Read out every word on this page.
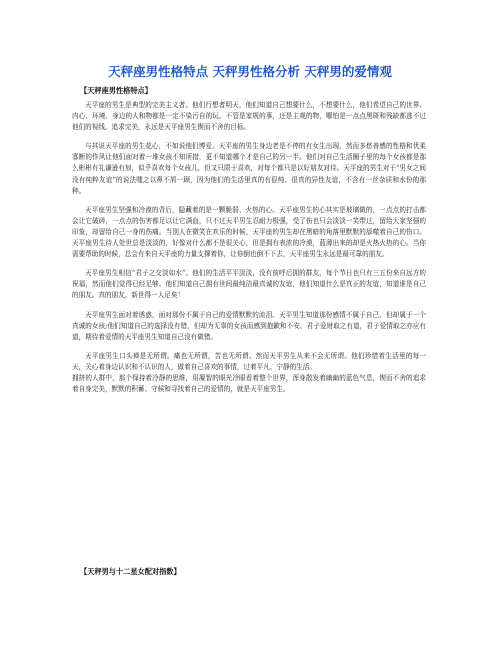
天秤座男性格特点 天秤男性格分析 天秤男的爱情观
【天秤座男性格特点】

天平座的男生是典型的完美主义者。他们行想者明天，他们知道自己想要什么，不想要什么，他们希望自己的世界、内心、环境、身边的人和物都是一定不染污自的玩。不管是家规的事，还是主观的物，哪怕是一点点黑斑和残缺都逃不过他们的视线。追求完美，永远是天平座男生锲而不舍的目标。

与其说天平座的男生花心，不如说他们博爱。天平座的男生身边老是不停的有女生出现，然而多愁善感的性格和优柔寡断的作风让他们面对着一堆女孩不知所措，更不知道哪个才是自己的另一半。他们对自己生活圈子里的每个女孩都是那么彬彬有礼谦逊有加，似乎喜欢每个女孩儿，但又只限于喜欢，对每个都只是以好朋友对待。天平座的男生对于“男女之间没有纯粹友谊”的说法嗤之以鼻不屑一顾，因为他们的生活里真的有很纯、很真的异性友谊，不含有一丝杂质和水份的那种。

天平座男生坚强和冷漠的背后，隐藏着的是一颗脆弱、火热的心。天平座男生的心其实是玻璃做的，一点点的打击都会让它破碎，一点点的伤害都足以让它满血，只不过天平男生忍耐力极强，受了伤也只会淡淡一笑带过，留给大家坚强的印象，却留给自己一身的伤痛。当别人在微笑在欢乐的时候，天平座的男生却在黑暗的角落里默默的舔噬着自己的伤口。天平座男生待人处世总是淡淡的，好像对什么都不是很关心，但是拥有表浓的冷漠，蓝薄出来的却是火热火热的心。当你需要帮助的时候，总会有来自天平座的力量支撑着你，让你倒也倒不下去，天平座男生永远是最可靠的朋友。

天平座男生相信“君子之交淡如水”。他们的生活平平淡淡，没有前呼后拥的群友，每个节日也只有三五份来自远方的祝福，然而他们觉得已经足够。他们知道自己拥有世间最纯洁最真诚的友谊，他们知道什么是真正的友谊，知道谁是自己的朋友。真的朋友，新世得一人足矣！

天平座男生面对着诱惑，面对那份不属于自己的爱情默默的流泪。天平男生知道那份感情不属于自己，但却属于一个真诚的女孩;他们知道自己的选择没有错，但却为无辜的女孩而感到抱歉和不安。君子爱财取之有道，君子爱情取之亦应有道，期待着爱情的天平座男生知道自己没有做错。

天平座男生口头禅是无所谓。痛也无所谓，苦也无所谓。然而天平男生从来不会无所谓。他们珍惜着生活里的每一天，关心着身边认识和不认识的人，做着自己喜欢的事情，过着平凡、宁静的生活。

拥挤的人群中，那个保持着冷静的思维，用凝智的眼光冷眼看着整个世界，浑身散发着幽幽的蓝色气息，锲而不舍的追求着自身完美，默默的积蓄、守候和寻找着自己的爱情的，就是天平座男生。

【天秤男与十二星女配对指数】
